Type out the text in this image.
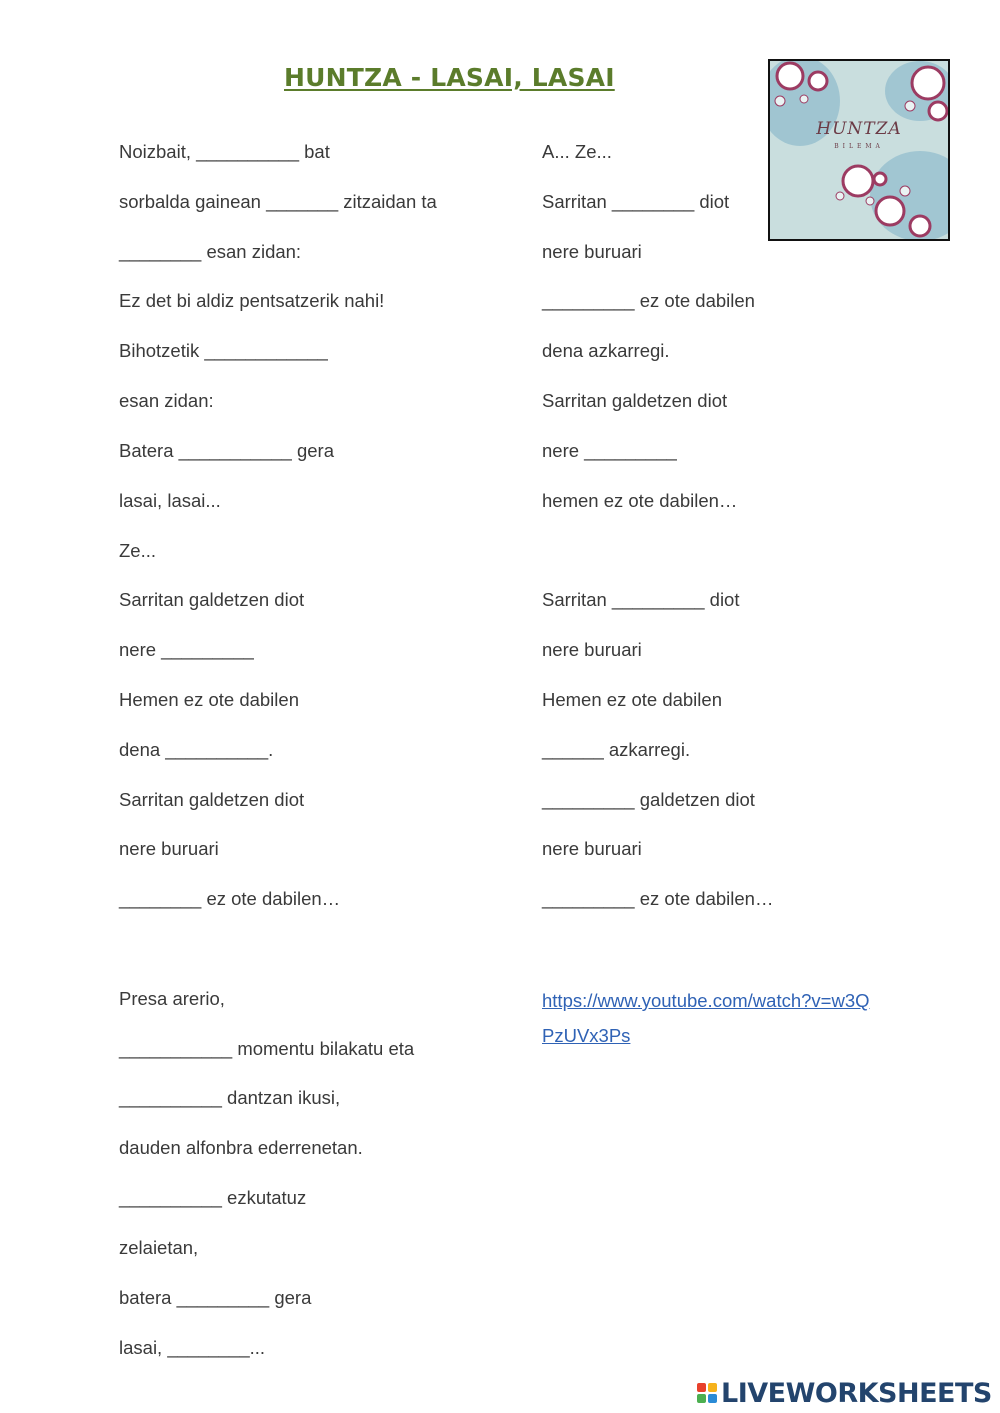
HUNTZA - LASAI, LASAI
HUNTZA
BILEMA
Noizbait, __________ bat
sorbalda gainean _______ zitzaidan ta
________ esan zidan:
Ez det bi aldiz pentsatzerik nahi!
Bihotzetik ____________
esan zidan:
Batera ___________ gera
lasai, lasai...
Ze...
Sarritan galdetzen diot
nere _________
Hemen ez ote dabilen
dena __________.
Sarritan galdetzen diot
nere buruari
________ ez ote dabilen…
Presa arerio,
___________ momentu bilakatu eta
__________ dantzan ikusi,
dauden alfonbra ederrenetan.
__________ ezkutatuz
zelaietan,
batera _________ gera
lasai, ________...
A... Ze...
Sarritan ________ diot
nere buruari
_________ ez ote dabilen
dena azkarregi.
Sarritan galdetzen diot
nere _________
hemen ez ote dabilen…
Sarritan _________ diot
nere buruari
Hemen ez ote dabilen
______ azkarregi.
_________ galdetzen diot
nere buruari
_________ ez ote dabilen…
https://www.youtube.com/watch?v=w3Q
PzUVx3Ps
LIVEWORKSHEETS
